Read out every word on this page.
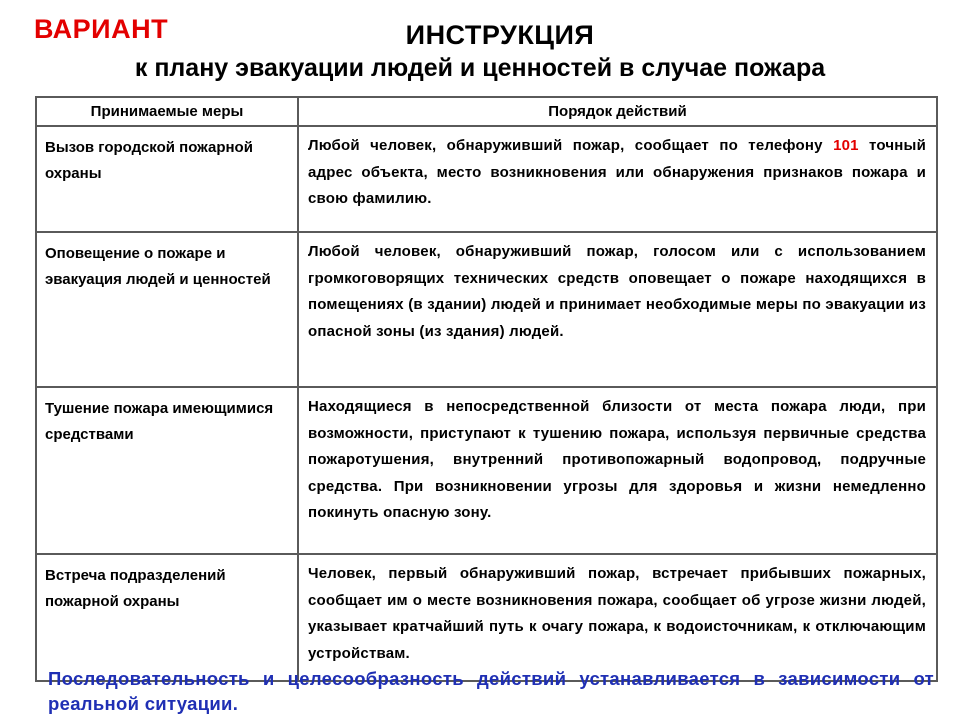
ВАРИАНТ	ИНСТРУКЦИЯ
к плану эвакуации людей и ценностей в случае пожара
Принимаемые меры	Порядок действий
Вызов городской пожарной охраны	Любой человек, обнаруживший пожар, сообщает по телефону 101 точный адрес объекта, место возникновения или обнаружения признаков пожара и свою фамилию.
Оповещение о пожаре и эвакуация людей и ценностей	Любой человек, обнаруживший пожар, голосом или с использованием громкоговорящих технических средств оповещает о пожаре находящихся в помещениях (в здании) людей и принимает необходимые меры по эвакуации из опасной зоны (из здания) людей.
Тушение пожара имеющимися средствами	Находящиеся в непосредственной близости от места пожара люди, при возможности, приступают к тушению пожара, используя первичные средства пожаротушения, внутренний противопожарный водопровод, подручные средства. При возникновении угрозы для здоровья и жизни немедленно покинуть опасную зону.
Встреча подразделений пожарной охраны	Человек, первый обнаруживший пожар, встречает прибывших пожарных, сообщает им о месте возникновения пожара, сообщает об угрозе жизни людей, указывает кратчайший путь к очагу пожара, к водоисточникам, к отключающим устройствам.
Последовательность и целесообразность действий устанавливается в зависимости от реальной ситуации.
